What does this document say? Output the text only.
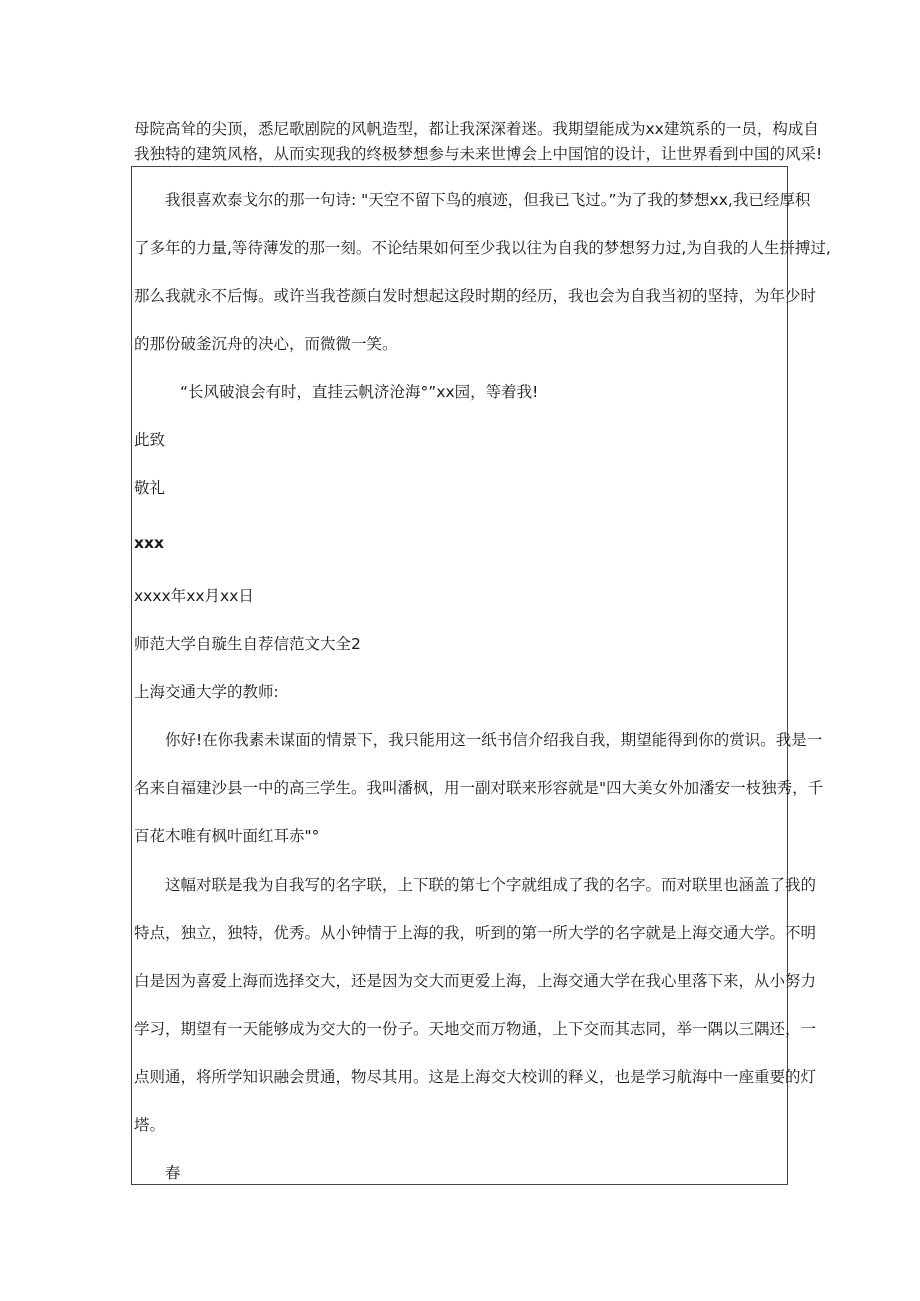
母院高耸的尖顶，悉尼歌剧院的风帆造型，都让我深深着迷。我期望能成为xx建筑系的一员，构成自
我独特的建筑风格，从而实现我的终极梦想参与未来世博会上中国馆的设计，让世界看到中国的风采!
我很喜欢泰戈尔的那一句诗: "天空不留下鸟的痕迹，但我已飞过。”为了我的梦想xx,我已经厚积
了多年的力量,等待薄发的那一刻。不论结果如何至少我以往为自我的梦想努力过,为自我的人生拼搏过,
那么我就永不后悔。或许当我苍颜白发时想起这段时期的经历，我也会为自我当初的坚持，为年少时
的那份破釜沉舟的决心，而微微一笑。
“长风破浪会有时，直挂云帆济沧海°”xx园，等着我!
此致
敬礼
xxx
xxxx年xx月xx日
师范大学自璇生自荐信范文大全2
上海交通大学的教师:
你好!在你我素未谋面的情景下，我只能用这一纸书信介绍我自我，期望能得到你的赏识。我是一
名来自福建沙县一中的高三学生。我叫潘枫，用一副对联来形容就是"四大美女外加潘安一枝独秀，千
百花木唯有枫叶面红耳赤"°
这幅对联是我为自我写的名字联，上下联的第七个字就组成了我的名字。而对联里也涵盖了我的
特点，独立，独特，优秀。从小钟情于上海的我，听到的第一所大学的名字就是上海交通大学。不明
白是因为喜爱上海而选择交大，还是因为交大而更爱上海，上海交通大学在我心里落下来，从小努力
学习，期望有一天能够成为交大的一份子。天地交而万物通，上下交而其志同，举一隅以三隅还，一
点则通，将所学知识融会贯通，物尽其用。这是上海交大校训的释义，也是学习航海中一座重要的灯
塔。
春
